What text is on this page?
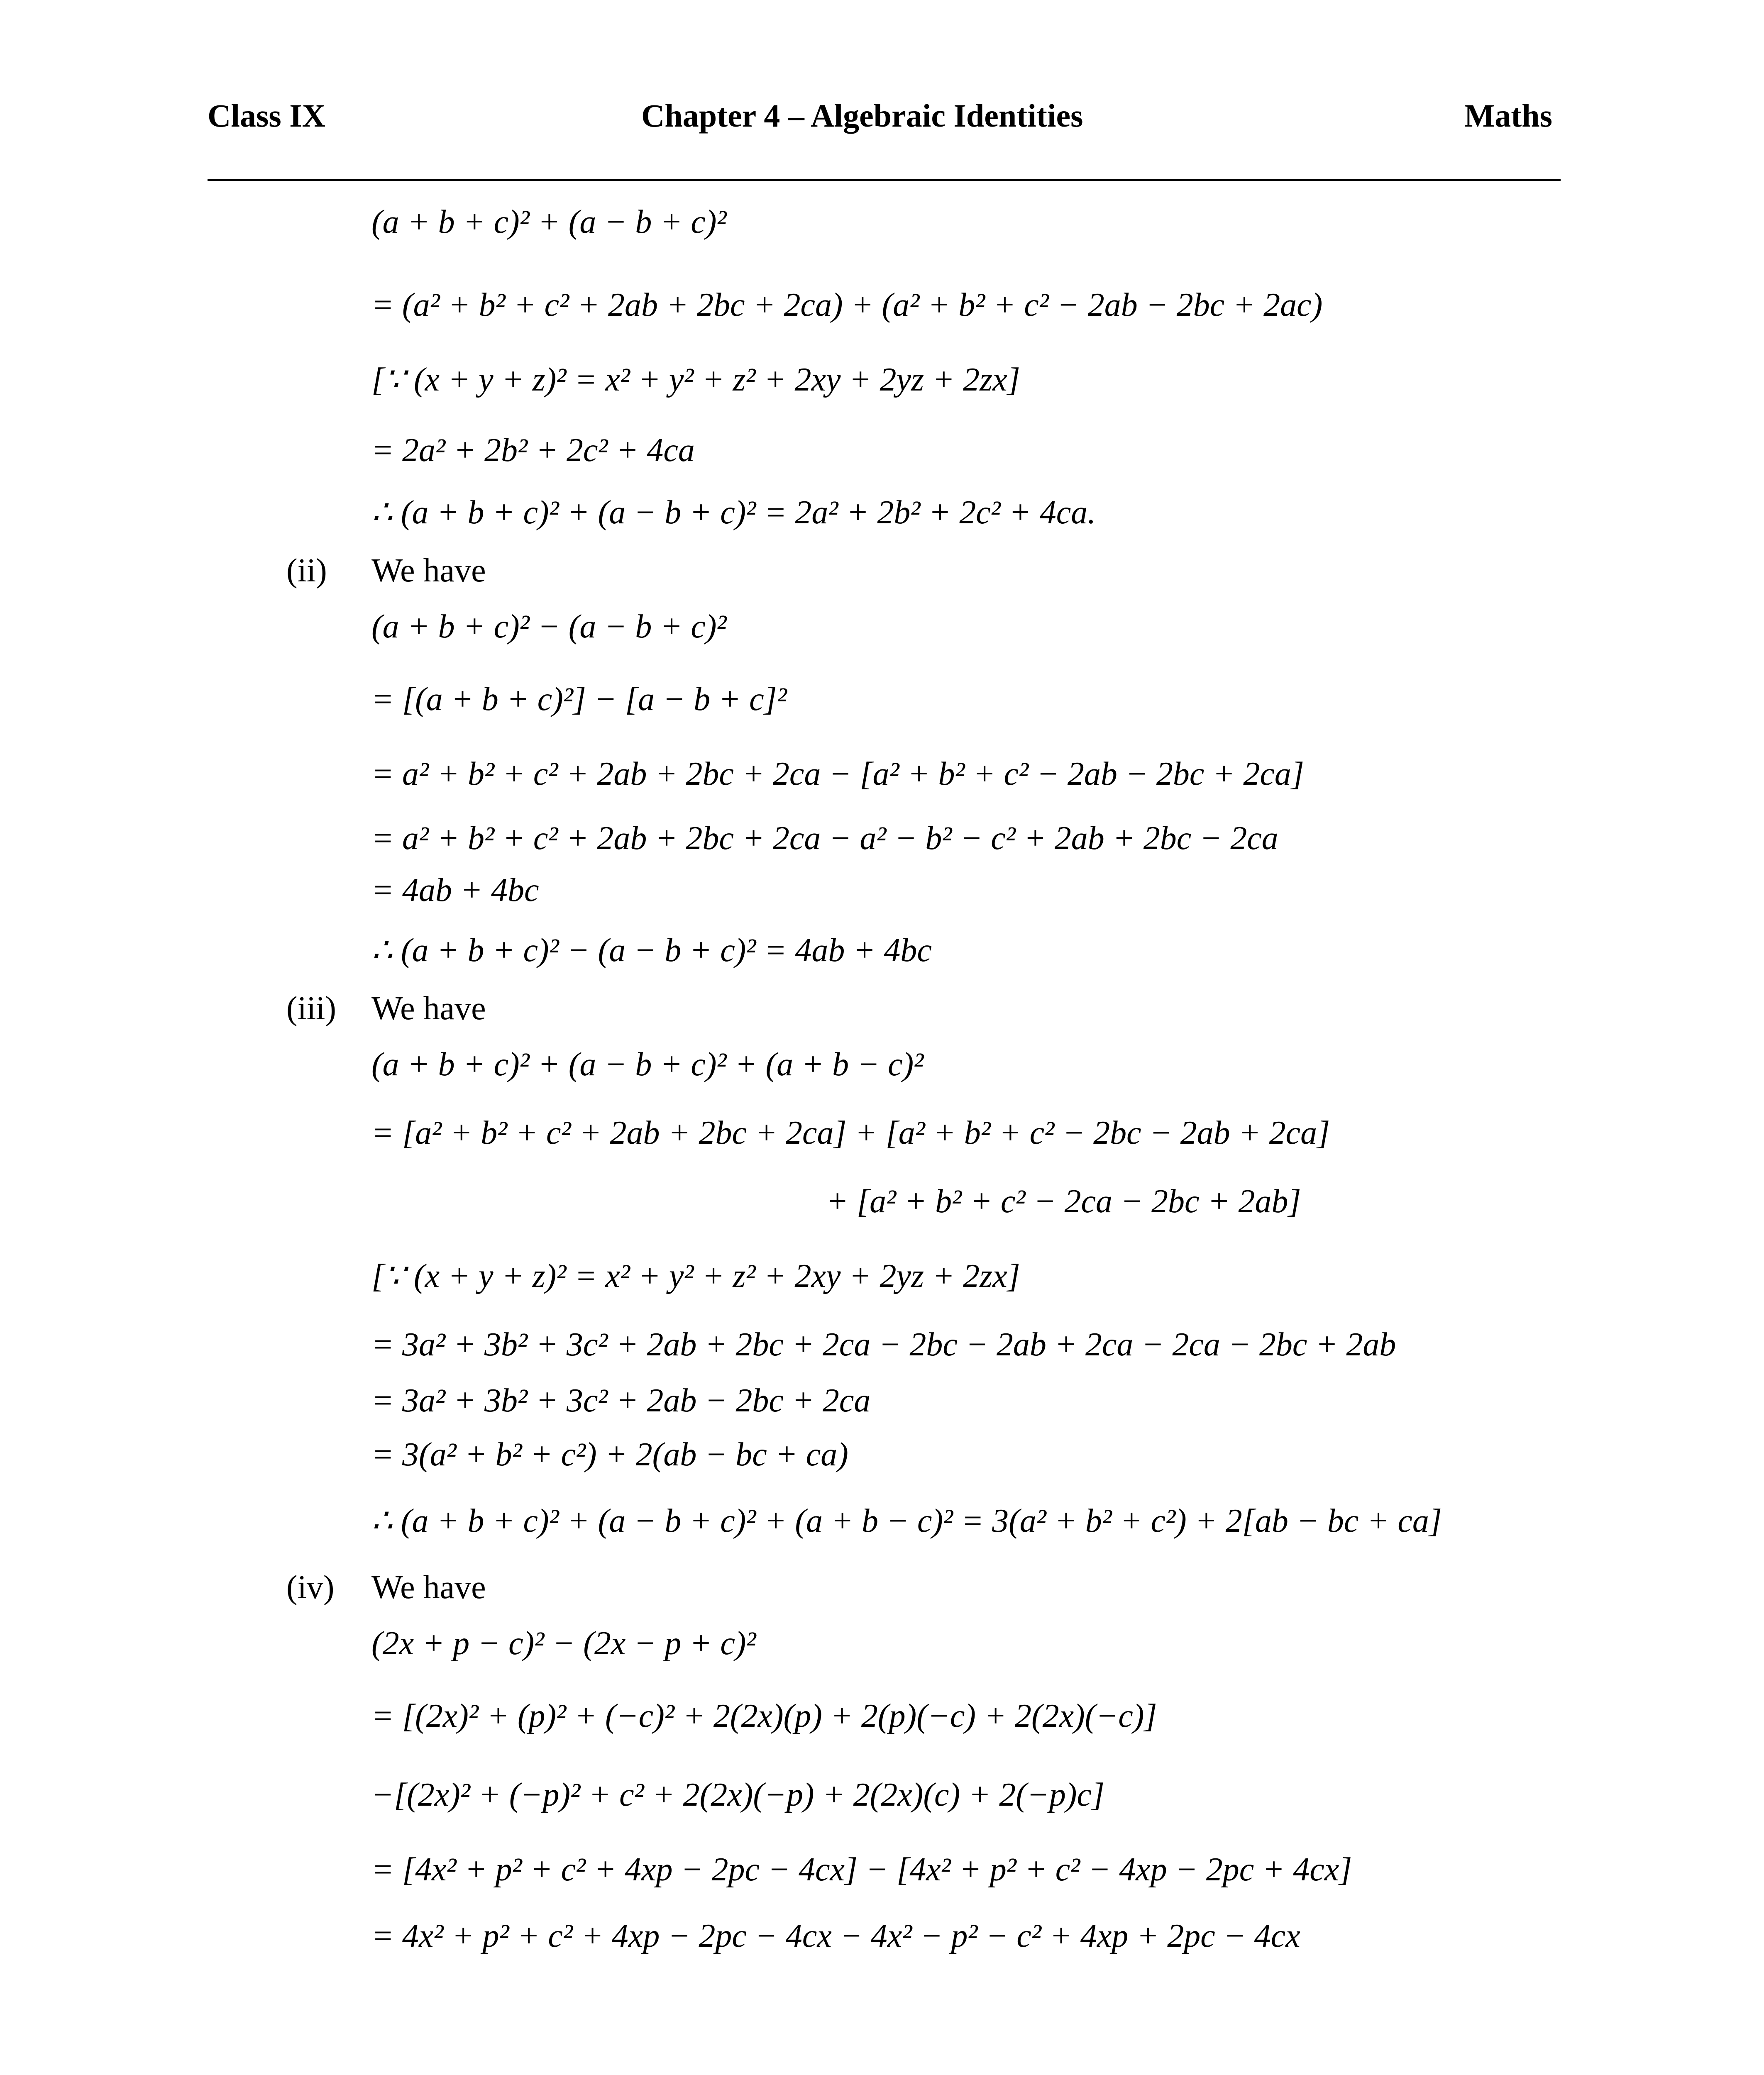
Class IX	Chapter 4 – Algebraic Identities	Maths
(a + b + c)² + (a − b + c)²
= (a² + b² + c² + 2ab + 2bc + 2ca) + (a² + b² + c² − 2ab − 2bc + 2ac)
[∵ (x + y + z)² = x² + y² + z² + 2xy + 2yz + 2zx]
= 2a² + 2b² + 2c² + 4ca
∴ (a + b + c)² + (a − b + c)² = 2a² + 2b² + 2c² + 4ca.
(ii) We have
(a + b + c)² − (a − b + c)²
= [(a + b + c)²] − [a − b + c]²
= a² + b² + c² + 2ab + 2bc + 2ca − [a² + b² + c² − 2ab − 2bc + 2ca]
= a² + b² + c² + 2ab + 2bc + 2ca − a² − b² − c² + 2ab + 2bc − 2ca
= 4ab + 4bc
∴ (a + b + c)² − (a − b + c)² = 4ab + 4bc
(iii) We have
(a + b + c)² + (a − b + c)² + (a + b − c)²
= [a² + b² + c² + 2ab + 2bc + 2ca] + [a² + b² + c² − 2bc − 2ab + 2ca]
+ [a² + b² + c² − 2ca − 2bc + 2ab]
[∵ (x + y + z)² = x² + y² + z² + 2xy + 2yz + 2zx]
= 3a² + 3b² + 3c² + 2ab + 2bc + 2ca − 2bc − 2ab + 2ca − 2ca − 2bc + 2ab
= 3a² + 3b² + 3c² + 2ab − 2bc + 2ca
= 3(a² + b² + c²) + 2(ab − bc + ca)
∴ (a + b + c)² + (a − b + c)² + (a + b − c)² = 3(a² + b² + c²) + 2[ab − bc + ca]
(iv) We have
(2x + p − c)² − (2x − p + c)²
= [(2x)² + (p)² + (−c)² + 2(2x)(p) + 2(p)(−c) + 2(2x)(−c)]
−[(2x)² + (−p)² + c² + 2(2x)(−p) + 2(2x)(c) + 2(−p)c]
= [4x² + p² + c² + 4xp − 2pc − 4cx] − [4x² + p² + c² − 4xp − 2pc + 4cx]
= 4x² + p² + c² + 4xp − 2pc − 4cx − 4x² − p² − c² + 4xp + 2pc − 4cx
